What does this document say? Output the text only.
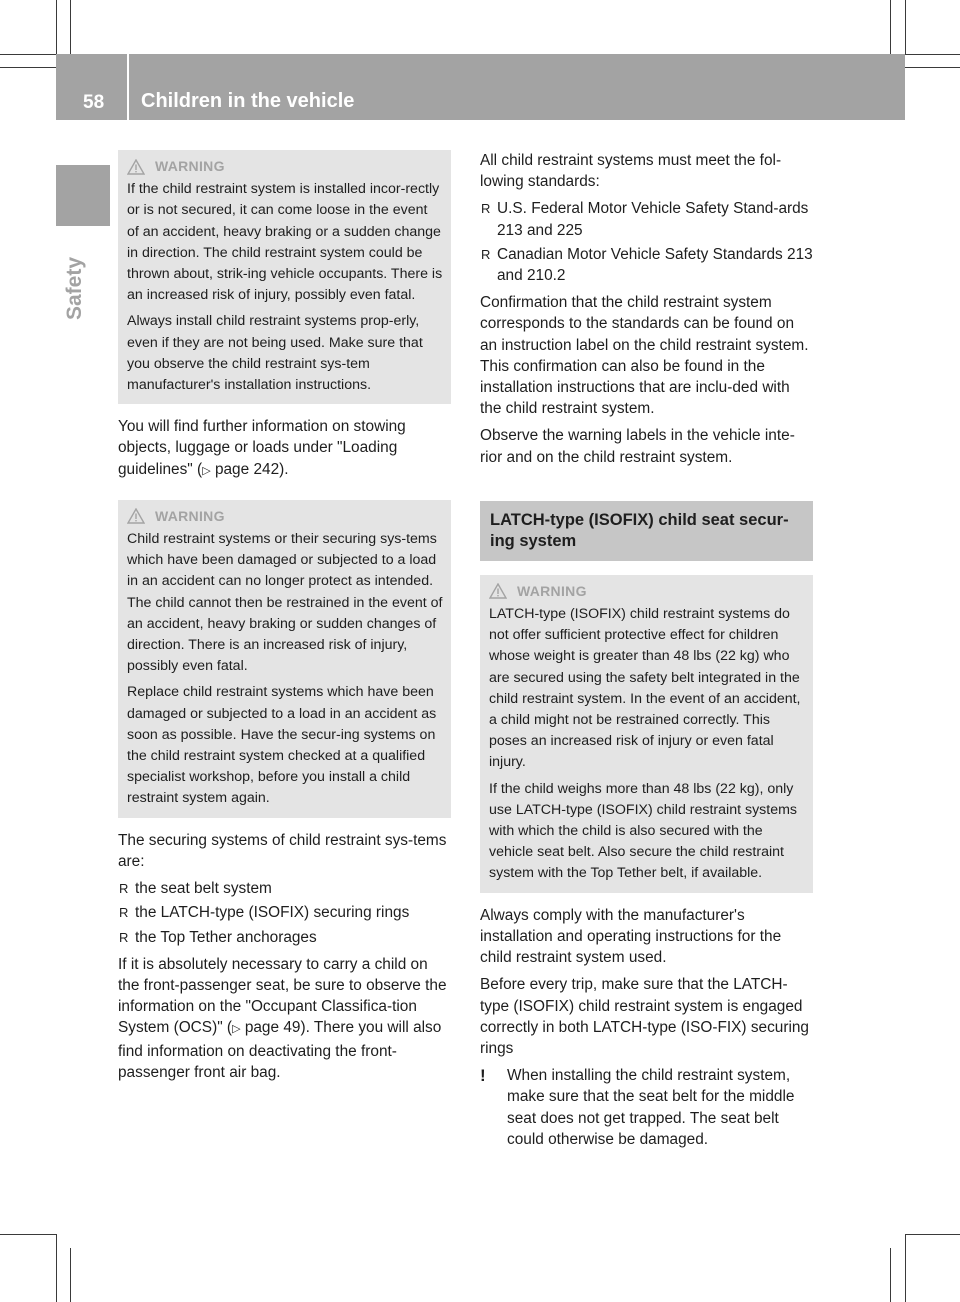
58 Children in the vehicle
Safety
WARNING

If the child restraint system is installed incor-rectly or is not secured, it can come loose in the event of an accident, heavy braking or a sudden change in direction. The child restraint system could be thrown about, strik-ing vehicle occupants. There is an increased risk of injury, possibly even fatal.

Always install child restraint systems prop-erly, even if they are not being used. Make sure that you observe the child restraint sys-tem manufacturer's installation instructions.

You will find further information on stowing objects, luggage or loads under "Loading guidelines" (▷ page 242).

WARNING

Child restraint systems or their securing sys-tems which have been damaged or subjected to a load in an accident can no longer protect as intended. The child cannot then be restrained in the event of an accident, heavy braking or sudden changes of direction. There is an increased risk of injury, possibly even fatal.

Replace child restraint systems which have been damaged or subjected to a load in an accident as soon as possible. Have the secur-ing systems on the child restraint system checked at a qualified specialist workshop, before you install a child restraint system again.

The securing systems of child restraint sys-tems are:

R the seat belt system
R the LATCH-type (ISOFIX) securing rings
R the Top Tether anchorages

If it is absolutely necessary to carry a child on the front-passenger seat, be sure to observe the information on the "Occupant Classifica-tion System (OCS)" (▷ page 49). There you will also find information on deactivating the front-passenger front air bag.

All child restraint systems must meet the fol-lowing standards:

R U.S. Federal Motor Vehicle Safety Stand-ards 213 and 225
R Canadian Motor Vehicle Safety Standards 213 and 210.2

Confirmation that the child restraint system corresponds to the standards can be found on an instruction label on the child restraint system. This confirmation can also be found in the installation instructions that are inclu-ded with the child restraint system.

Observe the warning labels in the vehicle inte-rior and on the child restraint system.

LATCH-type (ISOFIX) child seat secur-ing system
WARNING

LATCH-type (ISOFIX) child restraint systems do not offer sufficient protective effect for children whose weight is greater than 48 lbs (22 kg) who are secured using the safety belt integrated in the child restraint system. In the event of an accident, a child might not be restrained correctly. This poses an increased risk of injury or even fatal injury.

If the child weighs more than 48 lbs (22 kg), only use LATCH-type (ISOFIX) child restraint systems with which the child is also secured with the vehicle seat belt. Also secure the child restraint system with the Top Tether belt, if available.

Always comply with the manufacturer's installation and operating instructions for the child restraint system used.

Before every trip, make sure that the LATCH-type (ISOFIX) child restraint system is engaged correctly in both LATCH-type (ISO-FIX) securing rings

!	When installing the child restraint system, make sure that the seat belt for the middle seat does not get trapped. The seat belt could otherwise be damaged.
